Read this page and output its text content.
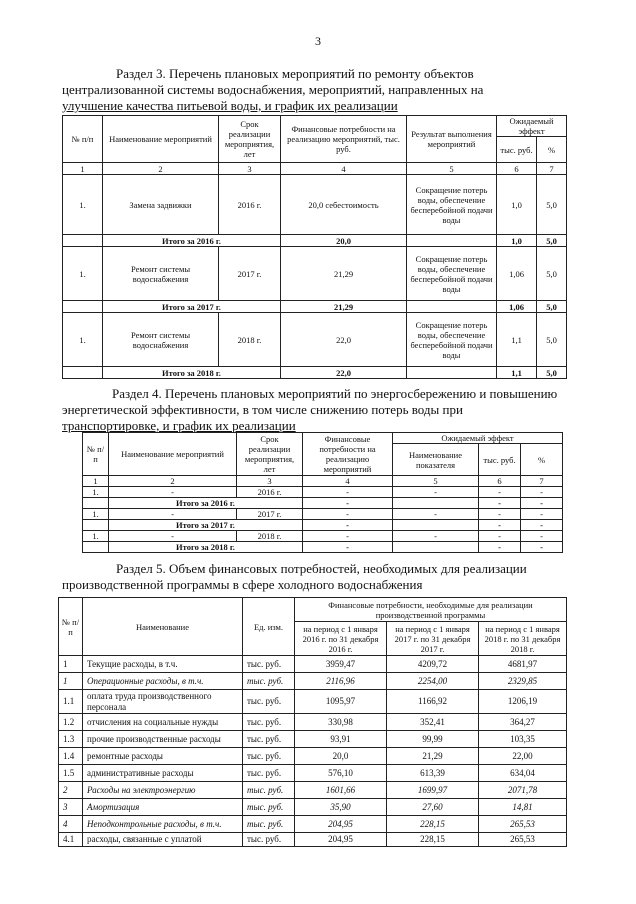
3
Раздел 3. Перечень плановых мероприятий по ремонту объектов
централизованной системы водоснабжения, мероприятий, направленных на
улучшение качества питьевой воды, и график их реализации
№ п/п	Наименование мероприятий	Срок реализации мероприятия, лет	Финансовые потребности на реализацию мероприятий, тыс. руб.	Результат выполнения мероприятий	Ожидаемый эффект	
					тыс. руб.	%
1	2	3	4	5	6	7
1.	Замена задвижки	2016 г.	20,0 себестоимость	Сокращение потерь воды, обеспечение бесперебойной подачи воды	1,0	5,0
	Итого за 2016 г.		20,0		1,0	5,0
1.	Ремонт системы водоснабжения	2017 г.	21,29	Сокращение потерь воды, обеспечение бесперебойной подачи воды	1,06	5,0
	Итого за 2017 г.		21,29		1,06	5,0
1.	Ремонт системы водоснабжения	2018 г.	22,0	Сокращение потерь воды, обеспечение бесперебойной подачи воды	1,1	5,0
	Итого за 2018 г.		22,0		1,1	5,0
Раздел 4. Перечень плановых мероприятий по энергосбережению и повышению
энергетической эффективности, в том числе снижению потерь воды при
транспортировке, и график их реализации
№ п/п	Наименование мероприятий	Срок реализации мероприятия, лет	Финансовые потребности на реализацию мероприятий	Ожидаемый эффект		
				Наименование показателя	тыс. руб.	%
1	2	3	4	5	6	7
1.	-	2016 г.	-	-	-	-
	Итого за 2016 г.		-		-	-
1.	-	2017 г.	-	-	-	-
	Итого за 2017 г.		-		-	-
1.	-	2018 г.	-	-	-	-
	Итого за 2018 г.		-		-	-
Раздел 5. Объем финансовых потребностей, необходимых для реализации
производственной программы в сфере холодного водоснабжения
№ п/п	Наименование	Ед. изм.	Финансовые потребности, необходимые для реализации производственной программы		
			на период с 1 января 2016 г. по 31 декабря 2016 г.	на период с 1 января 2017 г. по 31 декабря 2017 г.	на период с 1 января 2018 г. по 31 декабря 2018 г.
1	Текущие расходы, в т.ч.	тыс. руб.	3959,47	4209,72	4681,97
1	Операционные расходы, в т.ч.	тыс. руб.	2116,96	2254,00	2329,85
1.1	оплата труда производственного персонала	тыс. руб.	1095,97	1166,92	1206,19
1.2	отчисления на социальные нужды	тыс. руб.	330,98	352,41	364,27
1.3	прочие производственные расходы	тыс. руб.	93,91	99,99	103,35
1.4	ремонтные расходы	тыс. руб.	20,0	21,29	22,00
1.5	административные расходы	тыс. руб.	576,10	613,39	634,04
2	Расходы на электроэнергию	тыс. руб.	1601,66	1699,97	2071,78
3	Амортизация	тыс. руб.	35,90	27,60	14,81
4	Неподконтрольные расходы, в т.ч.	тыс. руб.	204,95	228,15	265,53
4.1	расходы, связанные с уплатой	тыс. руб.	204,95	228,15	265,53
